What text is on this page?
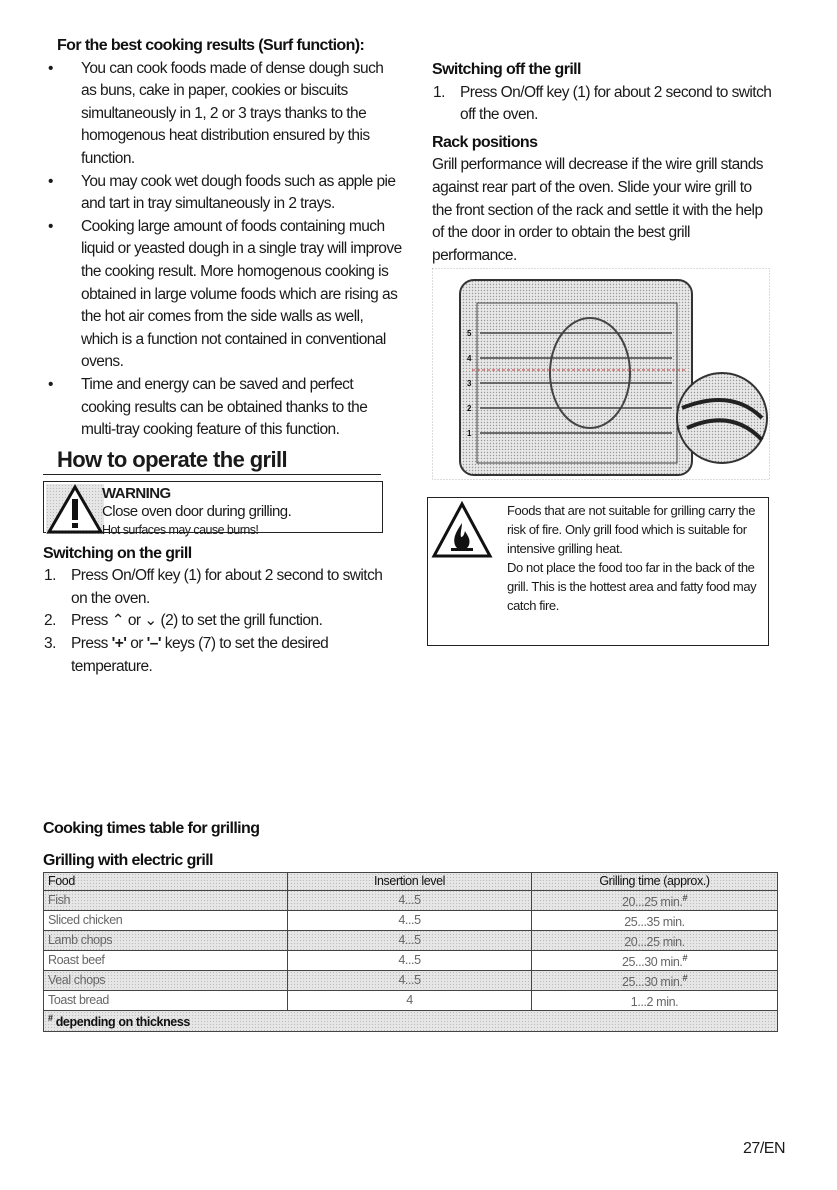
For the best cooking results (Surf function):
• You can cook foods made of dense dough such as buns, cake in paper, cookies or biscuits simultaneously in 1, 2 or 3 trays thanks to the homogenous heat distribution ensured by this function.
• You may cook wet dough foods such as apple pie and tart in tray simultaneously in 2 trays.
• Cooking large amount of foods containing much liquid or yeasted dough in a single tray will improve the cooking result. More homogenous cooking is obtained in large volume foods which are rising as the hot air comes from the side walls as well, which is a function not contained in conventional ovens.
• Time and energy can be saved and perfect cooking results can be obtained thanks to the multi-tray cooking feature of this function.
How to operate the grill
WARNING
Close oven door during grilling.
Hot surfaces may cause burns!
Switching on the grill
1. Press On/Off key (1) for about 2 second to switch on the oven.
2. Press ⌃ or ⌄ (2) to set the grill function.
3. Press '+' or '–' keys (7) to set the desired temperature.
Switching off the grill
1. Press On/Off key (1) for about 2 second to switch off the oven.
Rack positions

Grill performance will decrease if the wire grill stands against rear part of the oven. Slide your wire grill to the front section of the rack and settle it with the help of the door in order to obtain the best grill performance.

5
4
3
2
1

Foods that are not suitable for grilling carry the risk of fire. Only grill food which is suitable for intensive grilling heat.

Do not place the food too far in the back of the grill. This is the hottest area and fatty food may catch fire.

Cooking times table for grilling
Grilling with electric grill
Food	Insertion level	Grilling time (approx.)
Fish	4...5	20...25 min.#
Sliced chicken	4...5	25...35 min.
Lamb chops	4...5	20...25 min.
Roast beef	4...5	25...30 min.#
Veal chops	4...5	25...30 min.#
Toast bread	4	1...2 min.
# depending on thickness		
27/EN
